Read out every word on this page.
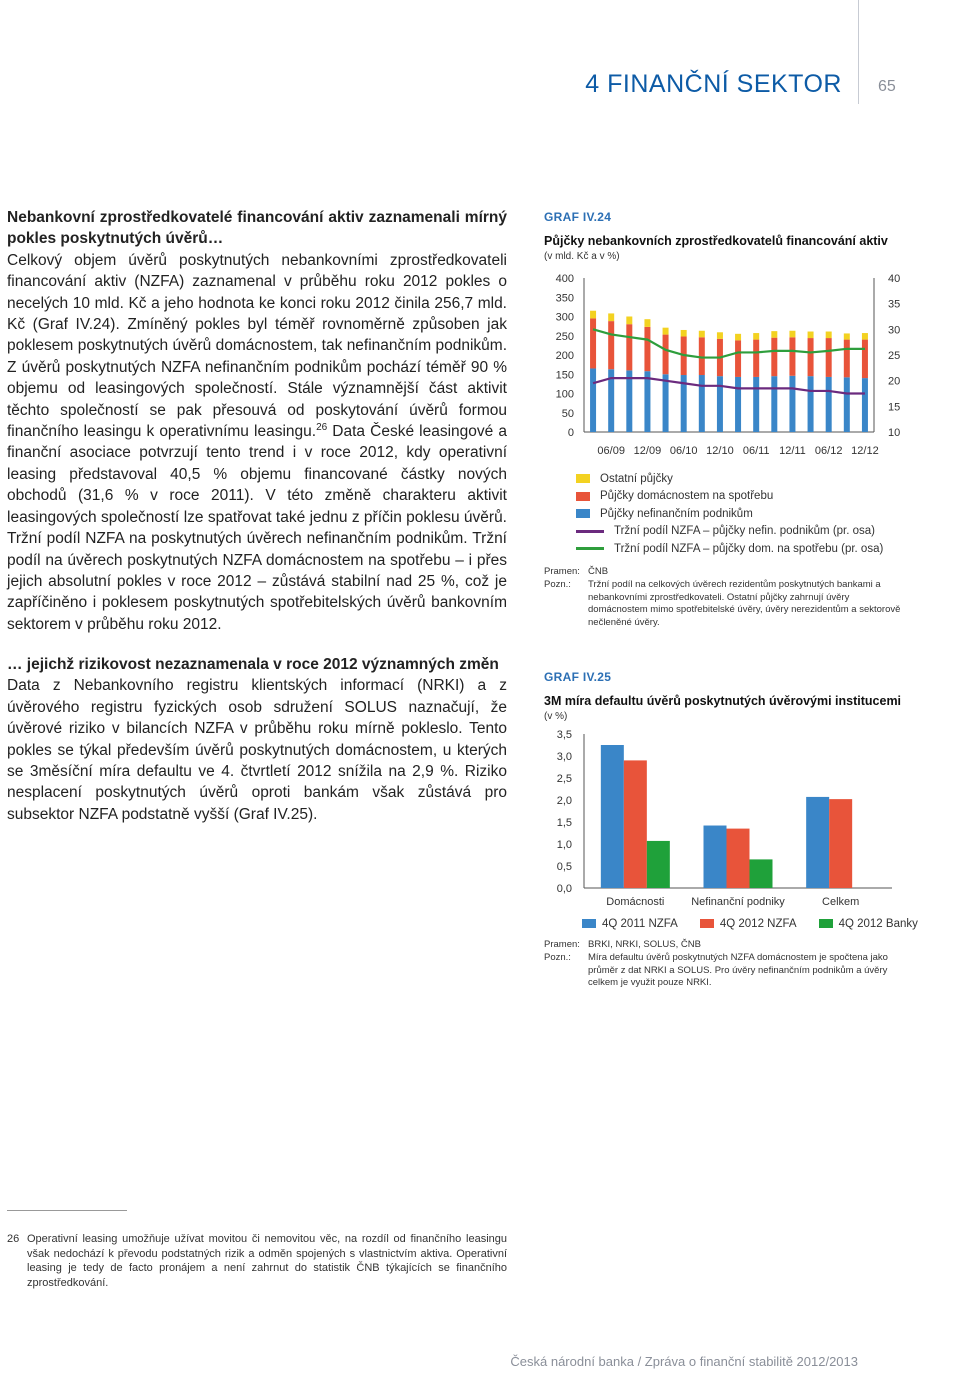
4 FINANČNÍ SEKTOR 65
Nebankovní zprostředkovatelé financování aktiv zaznamenali mírný pokles poskytnutých úvěrů…
Celkový objem úvěrů poskytnutých nebankovními zprostředkovateli financování aktiv (NZFA) zaznamenal v průběhu roku 2012 pokles o necelých 10 mld. Kč a jeho hodnota ke konci roku 2012 činila 256,7 mld. Kč (Graf IV.24). Zmíněný pokles byl téměř rovnoměrně způsoben jak poklesem poskytnutých úvěrů domácnostem, tak nefinančním podnikům. Z úvěrů poskytnutých NZFA nefinančním podnikům pochází téměř 90 % objemu od leasingových společností. Stále významnější část aktivit těchto společností se pak přesouvá od poskytování úvěrů formou finančního leasingu k operativnímu leasingu.$^{26}$ Data České leasingové a finanční asociace potvrzují tento trend i v roce 2012, kdy operativní leasing představoval 40,5 % objemu financované částky nových obchodů (31,6 % v roce 2011). V této změně charakteru aktivit leasingových společností lze spatřovat také jednu z příčin poklesu úvěrů. Tržní podíl NZFA na poskytnutých úvěrech nefinančním podnikům. Tržní podíl na úvěrech poskytnutých NZFA domácnostem na spotřebu – i přes jejich absolutní pokles v roce 2012 – zůstává stabilní nad 25 %, což je zapříčiněno i poklesem poskytnutých spotřebitelských úvěrů bankovním sektorem v průběhu roku 2012.
… jejichž rizikovost nezaznamenala v roce 2012 významných změn
Data z Nebankovního registru klientských informací (NRKI) a z úvěrového registru fyzických osob sdružení SOLUS naznačují, že úvěrové riziko v bilancích NZFA v průběhu roku mírně pokleslo. Tento pokles se týkal především úvěrů poskytnutých domácnostem, u kterých se 3měsíční míra defaultu ve 4. čtvrtletí 2012 snížila na 2,9 %. Riziko nesplacení poskytnutých úvěrů oproti bankám však zůstává pro subsektor NZFA podstatně vyšší (Graf IV.25).
GRAF IV.24
Půjčky nebankovních zprostředkovatelů financování aktiv
(v mld. Kč a v %)
0
50
100
150
200
250
300
350
400
10
15
20
25
30
35
40
06/09 12/09 06/10 12/10 06/11 12/11 06/12 12/12
Ostatní půjčky
Půjčky domácnostem na spotřebu
Půjčky nefinančním podnikům
Tržní podíl NZFA – půjčky nefin. podnikům (pr. osa)
Tržní podíl NZFA – půjčky dom. na spotřebu (pr. osa)
Pramen: ČNB
Pozn.: Tržní podíl na celkových úvěrech rezidentům poskytnutých bankami a nebankovními zprostředkovateli. Ostatní půjčky zahrnují úvěry domácnostem mimo spotřebitelské úvěry, úvěry nerezidentům a sektorově nečleněné úvěry.
GRAF IV.25
3M míra defaultu úvěrů poskytnutých úvěrovými institucemi
(v %)
0,0
0,5
1,0
1,5
2,0
2,5
3,0
3,5
Domácnosti Nefinanční podniky	Celkem
4Q 2011 NZFA	4Q 2012 NZFA	4Q 2012 Banky
Pramen: BRKI, NRKI, SOLUS, ČNB
Pozn.: Míra defaultu úvěrů poskytnutých NZFA domácnostem je spočtena jako průměr z dat NRKI a SOLUS. Pro úvěry nefinančním podnikům a úvěry celkem je využit pouze NRKI.
26 Operativní leasing umožňuje užívat movitou či nemovitou věc, na rozdíl od finančního leasingu však nedochází k převodu podstatných rizik a odměn spojených s vlastnictvím aktiva. Operativní leasing je tedy de facto pronájem a není zahrnut do statistik ČNB týkajících se finančního zprostředkování.
Česká národní banka / Zpráva o finanční stabilitě 2012/2013
